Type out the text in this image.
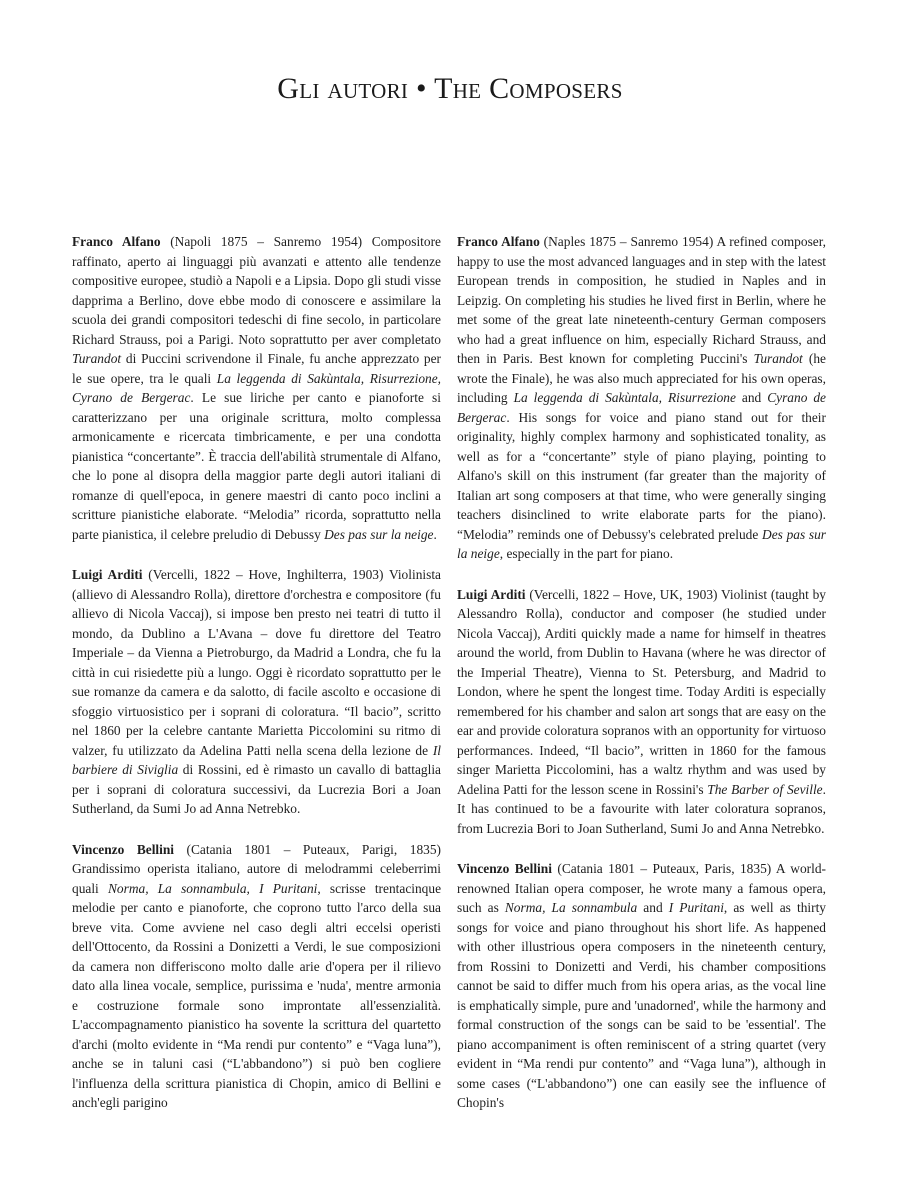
Gli autori • The Composers

Franco Alfano (Napoli 1875 – Sanremo 1954) Compositore raffinato, aperto ai linguaggi più avanzati e attento alle tendenze compositive europee, studiò a Napoli e a Lipsia. Dopo gli studi visse dapprima a Berlino, dove ebbe modo di conoscere e assimilare la scuola dei grandi compositori tedeschi di fine secolo, in particolare Richard Strauss, poi a Parigi. Noto soprattutto per aver completato Turandot di Puccini scrivendone il Finale, fu anche apprezzato per le sue opere, tra le quali La leggenda di Sakùntala, Risurrezione, Cyrano de Bergerac. Le sue liriche per canto e pianoforte si caratterizzano per una originale scrittura, molto complessa armonicamente e ricercata timbricamente, e per una condotta pianistica “concertante”. È traccia dell'abilità strumentale di Alfano, che lo pone al disopra della maggior parte degli autori italiani di romanze di quell'epoca, in genere maestri di canto poco inclini a scritture pianistiche elaborate. “Melodia” ricorda, soprattutto nella parte pianistica, il celebre preludio di Debussy Des pas sur la neige.

Luigi Arditi (Vercelli, 1822 – Hove, Inghilterra, 1903) Violinista (allievo di Alessandro Rolla), direttore d'orchestra e compositore (fu allievo di Nicola Vaccaj), si impose ben presto nei teatri di tutto il mondo, da Dublino a L'Avana – dove fu direttore del Teatro Imperiale – da Vienna a Pietroburgo, da Madrid a Londra, che fu la città in cui risiedette più a lungo. Oggi è ricordato soprattutto per le sue romanze da camera e da salotto, di facile ascolto e occasione di sfoggio virtuosistico per i soprani di coloratura. “Il bacio”, scritto nel 1860 per la celebre cantante Marietta Piccolomini su ritmo di valzer, fu utilizzato da Adelina Patti nella scena della lezione de Il barbiere di Siviglia di Rossini, ed è rimasto un cavallo di battaglia per i soprani di coloratura successivi, da Lucrezia Bori a Joan Sutherland, da Sumi Jo ad Anna Netrebko.

Vincenzo Bellini (Catania 1801 – Puteaux, Parigi, 1835) Grandissimo operista italiano, autore di melodrammi celeberrimi quali Norma, La sonnambula, I Puritani, scrisse trentacinque melodie per canto e pianoforte, che coprono tutto l'arco della sua breve vita. Come avviene nel caso degli altri eccelsi operisti dell'Ottocento, da Rossini a Donizetti a Verdi, le sue composizioni da camera non differiscono molto dalle arie d'opera per il rilievo dato alla linea vocale, semplice, purissima e 'nuda', mentre armonia e costruzione formale sono improntate all'essenzialità. L'accompagnamento pianistico ha sovente la scrittura del quartetto d'archi (molto evidente in “Ma rendi pur contento” e “Vaga luna”), anche se in taluni casi (“L'abbandono”) si può ben cogliere l'influenza della scrittura pianistica di Chopin, amico di Bellini e anch'egli parigino

Franco Alfano (Naples 1875 – Sanremo 1954) A refined composer, happy to use the most advanced languages and in step with the latest European trends in composition, he studied in Naples and in Leipzig. On completing his studies he lived first in Berlin, where he met some of the great late nineteenth-century German composers who had a great influence on him, especially Richard Strauss, and then in Paris. Best known for completing Puccini's Turandot (he wrote the Finale), he was also much appreciated for his own operas, including La leggenda di Sakùntala, Risurrezione and Cyrano de Bergerac. His songs for voice and piano stand out for their originality, highly complex harmony and sophisticated tonality, as well as for a “concertante” style of piano playing, pointing to Alfano's skill on this instrument (far greater than the majority of Italian art song composers at that time, who were generally singing teachers disinclined to write elaborate parts for the piano). “Melodia” reminds one of Debussy's celebrated prelude Des pas sur la neige, especially in the part for piano.

Luigi Arditi (Vercelli, 1822 – Hove, UK, 1903) Violinist (taught by Alessandro Rolla), conductor and composer (he studied under Nicola Vaccaj), Arditi quickly made a name for himself in theatres around the world, from Dublin to Havana (where he was director of the Imperial Theatre), Vienna to St. Petersburg, and Madrid to London, where he spent the longest time. Today Arditi is especially remembered for his chamber and salon art songs that are easy on the ear and provide coloratura sopranos with an opportunity for virtuoso performances. Indeed, “Il bacio”, written in 1860 for the famous singer Marietta Piccolomini, has a waltz rhythm and was used by Adelina Patti for the lesson scene in Rossini's The Barber of Seville. It has continued to be a favourite with later coloratura sopranos, from Lucrezia Bori to Joan Sutherland, Sumi Jo and Anna Netrebko.

Vincenzo Bellini (Catania 1801 – Puteaux, Paris, 1835) A world-renowned Italian opera composer, he wrote many a famous opera, such as Norma, La sonnambula and I Puritani, as well as thirty songs for voice and piano throughout his short life. As happened with other illustrious opera composers in the nineteenth century, from Rossini to Donizetti and Verdi, his chamber compositions cannot be said to differ much from his opera arias, as the vocal line is emphatically simple, pure and 'unadorned', while the harmony and formal construction of the songs can be said to be 'essential'. The piano accompaniment is often reminiscent of a string quartet (very evident in “Ma rendi pur contento” and “Vaga luna”), although in some cases (“L'abbandono”) one can easily see the influence of Chopin's
